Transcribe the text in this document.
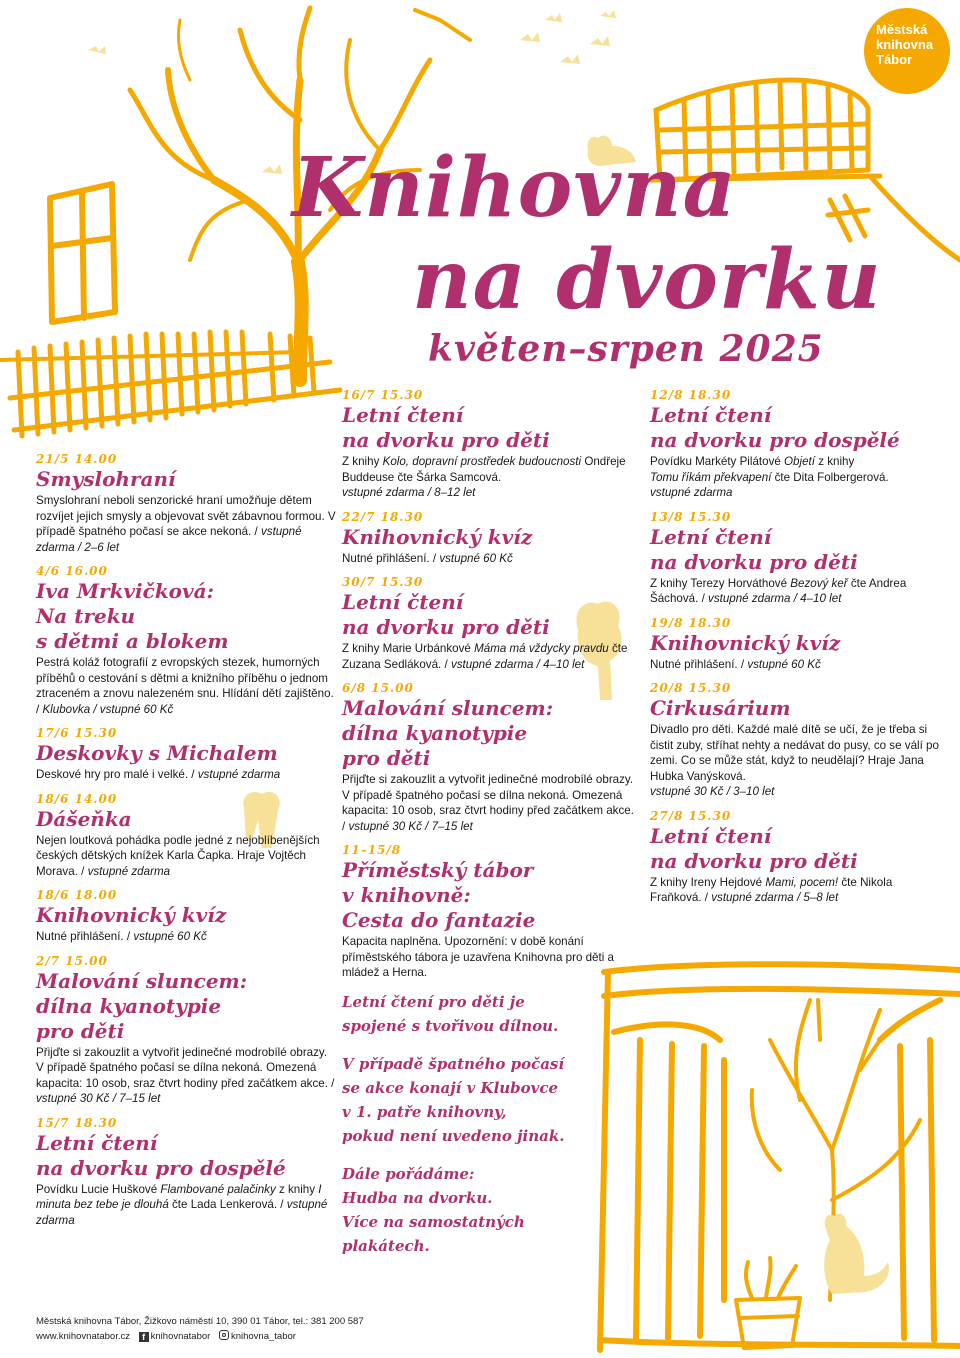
Městská
knihovna
Tábor
Knihovna
na dvorku
květen–srpen 2025
21/5 14.00
Smyslohraní
Smyslohraní neboli senzorické hraní umožňuje dětem rozvíjet jejich smysly a objevovat svět zábavnou formou. V případě špatného počasí se akce nekoná. / vstupné zdarma / 2–6 let
4/6 16.00
Iva Mrkvičková:
Na treku
s dětmi a blokem
Pestrá koláž fotografií z evropských stezek, humorných příběhů o cestování s dětmi a knižního příběhu o jednom ztraceném a znovu nalezeném snu. Hlídání dětí zajištěno. / Klubovka / vstupné 60 Kč
17/6 15.30
Deskovky s Michalem
Deskové hry pro malé i velké. / vstupné zdarma
18/6 14.00
Dášeňka
Nejen loutková pohádka podle jedné z nejoblíbenějších českých dětských knížek Karla Čapka. Hraje Vojtěch Morava. / vstupné zdarma
18/6 18.00
Knihovnický kvíz
Nutné přihlášení. / vstupné 60 Kč
2/7 15.00
Malování sluncem:
dílna kyanotypie
pro děti
Přijďte si zakouzlit a vytvořit jedinečné modrobílé obrazy. V případě špatného počasí se dílna nekoná. Omezená kapacita: 10 osob, sraz čtvrt hodiny před začátkem akce. / vstupné 30 Kč / 7–15 let
15/7 18.30
Letní čtení
na dvorku pro dospělé
Povídku Lucie Huškové Flambované palačinky z knihy I minuta bez tebe je dlouhá čte Lada Lenkerová. / vstupné zdarma
16/7 15.30
Letní čtení
na dvorku pro děti
Z knihy Kolo, dopravní prostředek budoucnosti Ondřeje Buddeuse čte Šárka Samcová.
vstupné zdarma / 8–12 let
22/7 18.30
Knihovnický kvíz
Nutné přihlášení. / vstupné 60 Kč
30/7 15.30
Letní čtení
na dvorku pro děti
Z knihy Marie Urbánkové Máma má vždycky pravdu čte Zuzana Sedláková. / vstupné zdarma / 4–10 let
6/8 15.00
Malování sluncem:
dílna kyanotypie
pro děti
Přijďte si zakouzlit a vytvořit jedinečné modrobílé obrazy. V případě špatného počasí se dílna nekoná. Omezená kapacita: 10 osob, sraz čtvrt hodiny před začátkem akce. / vstupné 30 Kč / 7–15 let
11–15/8
Příměstský tábor
v knihovně:
Cesta do fantazie
Kapacita naplněna. Upozornění: v době konání příměstského tábora je uzavřena Knihovna pro děti a mládež a Herna.
Letní čtení pro děti je
spojené s tvořivou dílnou.
V případě špatného počasí
se akce konají v Klubovce
v 1. patře knihovny,
pokud není uvedeno jinak.
Dále pořádáme:
Hudba na dvorku.
Více na samostatných
plakátech.
12/8 18.30
Letní čtení
na dvorku pro dospělé
Povídku Markéty Pilátové Objetí z knihy
Tomu říkám překvapení čte Dita Folbergerová.
vstupné zdarma
13/8 15.30
Letní čtení
na dvorku pro děti
Z knihy Terezy Horváthové Bezový keř čte Andrea Šáchová. / vstupné zdarma / 4–10 let
19/8 18.30
Knihovnický kvíz
Nutné přihlášení. / vstupné 60 Kč
20/8 15.30
Cirkusárium
Divadlo pro děti. Každé malé dítě se učí, že je třeba si čistit zuby, stříhat nehty a nedávat do pusy, co se válí po zemi. Co se může stát, když to neudělají? Hraje Jana Hubka Vanýsková.
vstupné 30 Kč / 3–10 let
27/8 15.30
Letní čtení
na dvorku pro děti
Z knihy Ireny Hejdové Mami, pocem! čte Nikola Fraňková. / vstupné zdarma / 5–8 let
Městská knihovna Tábor, Žižkovo náměstí 10, 390 01 Tábor, tel.: 381 200 587
www.knihovnatabor.cz f knihovnatabor knihovna_tabor
